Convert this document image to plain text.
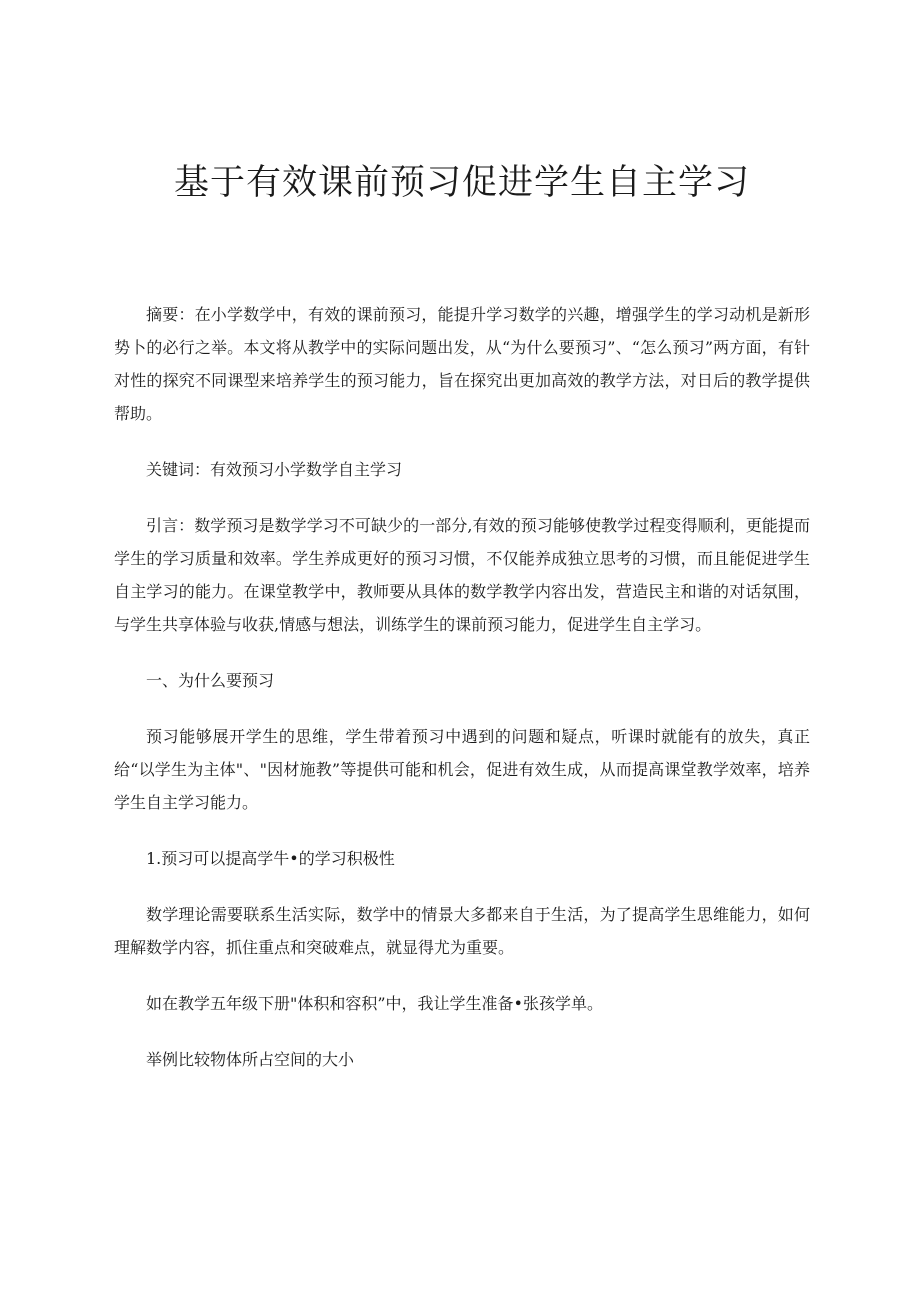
基于有效课前预习促进学生自主学习

摘要：在小学数学中，有效的课前预习，能提升学习数学的兴趣，增强学生的学习动机是新形势卜的必行之举。本文将从教学中的实际问题出发，从“为什么要预习”、“怎么预习”两方面，有针对性的探究不同课型来培养学生的预习能力，旨在探究出更加高效的教学方法，对日后的教学提供帮助。

关键词：有效预习小学数学自主学习

引言：数学预习是数学学习不可缺少的一部分,有效的预习能够使教学过程变得顺利，更能提而学生的学习质量和效率。学生养成更好的预习习惯，不仅能养成独立思考的习惯，而且能促进学生自主学习的能力。在课堂教学中，教师要从具体的数学教学内容出发，营造民主和谐的对话氛围，与学生共享体验与收获,情感与想法，训练学生的课前预习能力，促进学生自主学习。

一、为什么要预习

预习能够展开学生的思维，学生带着预习中遇到的问题和疑点，听课时就能有的放失，真正给“以学生为主体"、"因材施教”等提供可能和机会，促进有效生成，从而提高课堂教学效率，培养学生自主学习能力。

1.预习可以提高学牛•的学习积极性

数学理论需要联系生活实际，数学中的情景大多都来自于生活，为了提高学生思维能力，如何理解数学内容，抓住重点和突破难点，就显得尤为重要。

如在教学五年级下册"体积和容积”中，我让学生准备•张孩学单。

举例比较物体所占空间的大小
